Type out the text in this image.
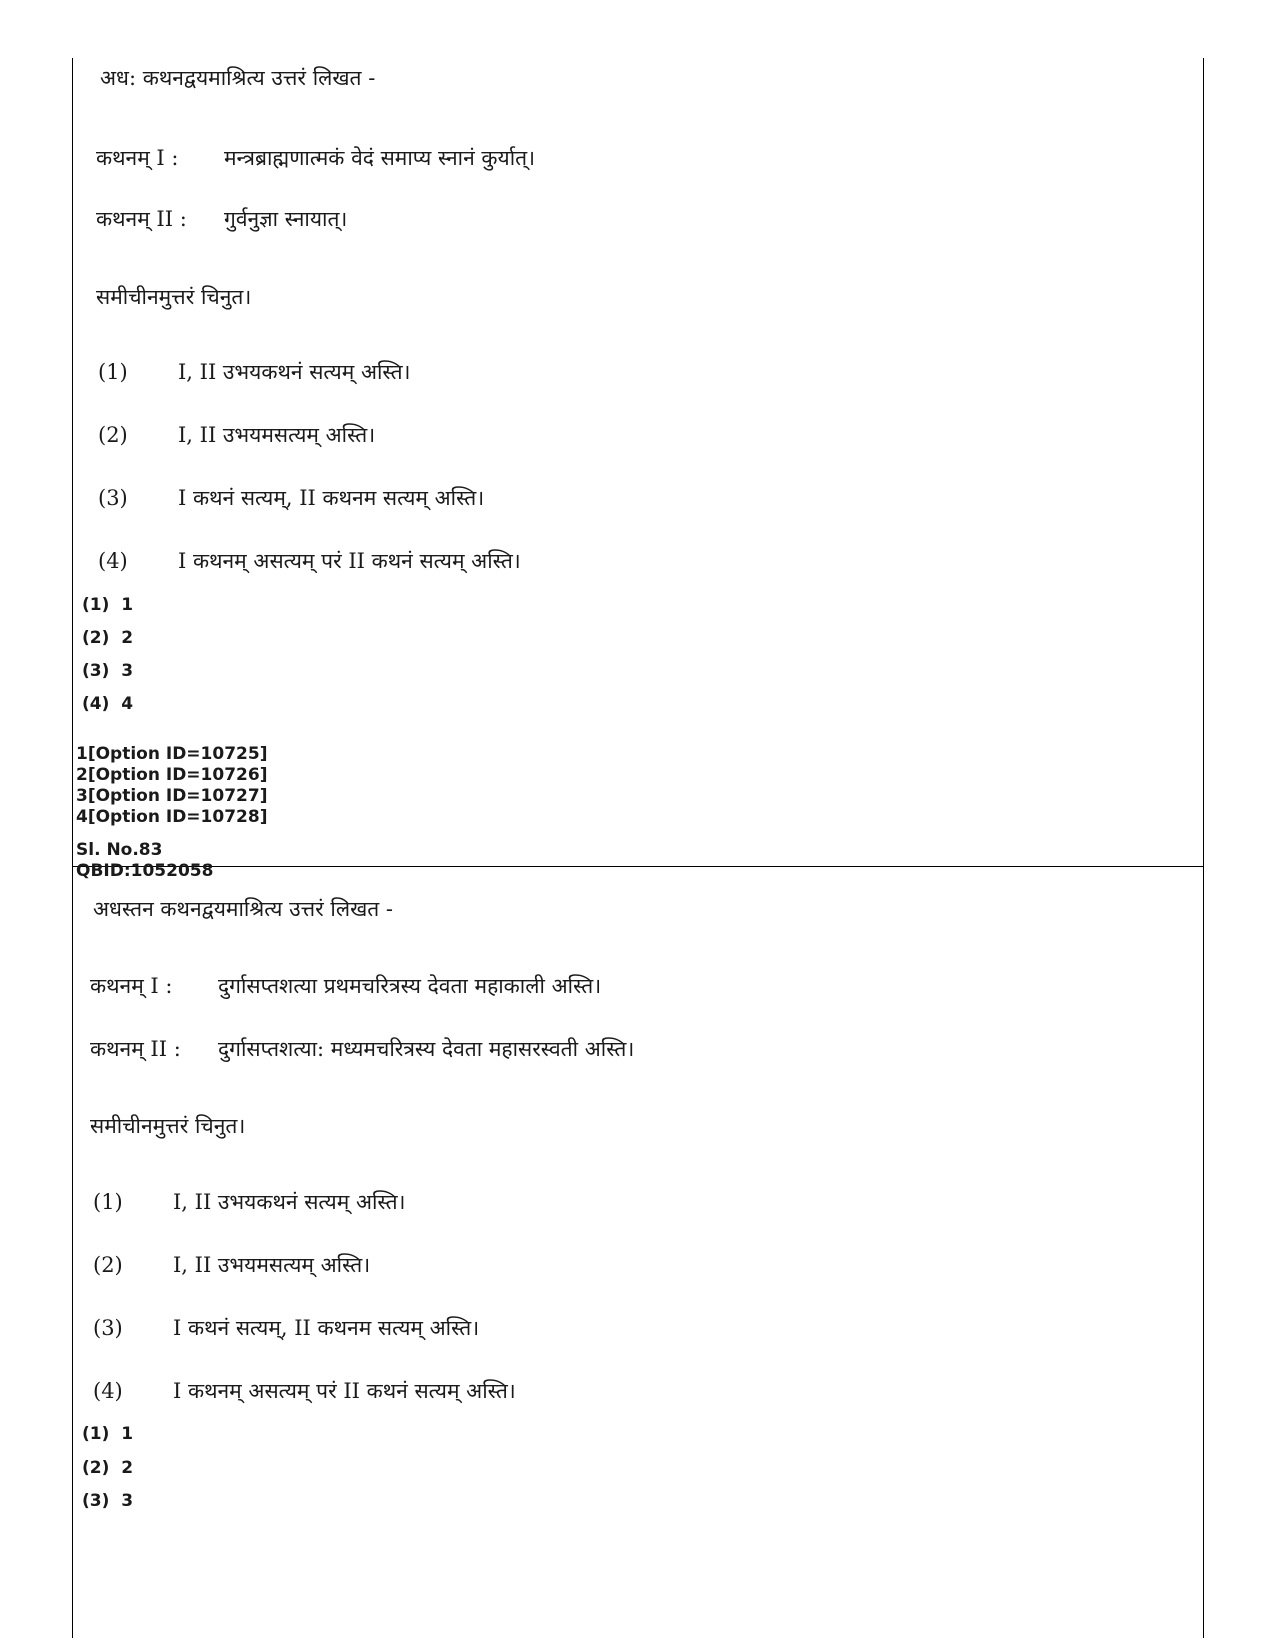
अध: कथनद्वयमाश्रित्य उत्तरं लिखत -
कथनम् I : मन्त्रब्राह्मणात्मकं वेदं समाप्य स्नानं कुर्यात्।
कथनम् II : गुर्वनुज्ञा स्नायात्।
समीचीनमुत्तरं चिनुत।
(1) I, II उभयकथनं सत्यम् अस्ति।
(2) I, II उभयमसत्यम् अस्ति।
(3) I कथनं सत्यम्, II कथनम सत्यम् अस्ति।
(4) I कथनम् असत्यम् परं II कथनं सत्यम् अस्ति।
(1)  1
(2)  2
(3)  3
(4)  4
1[Option ID=10725]
2[Option ID=10726]
3[Option ID=10727]
4[Option ID=10728]
Sl. No.83
QBID:1052058
अधस्तन कथनद्वयमाश्रित्य उत्तरं लिखत -
कथनम् I : दुर्गासप्तशत्या प्रथमचरित्रस्य देवता महाकाली अस्ति।
कथनम् II : दुर्गासप्तशत्या: मध्यमचरित्रस्य देवता महासरस्वती अस्ति।
समीचीनमुत्तरं चिनुत।
(1) I, II उभयकथनं सत्यम् अस्ति।
(2) I, II उभयमसत्यम् अस्ति।
(3) I कथनं सत्यम्, II कथनम सत्यम् अस्ति।
(4) I कथनम् असत्यम् परं II कथनं सत्यम् अस्ति।
(1)  1
(2)  2
(3)  3
